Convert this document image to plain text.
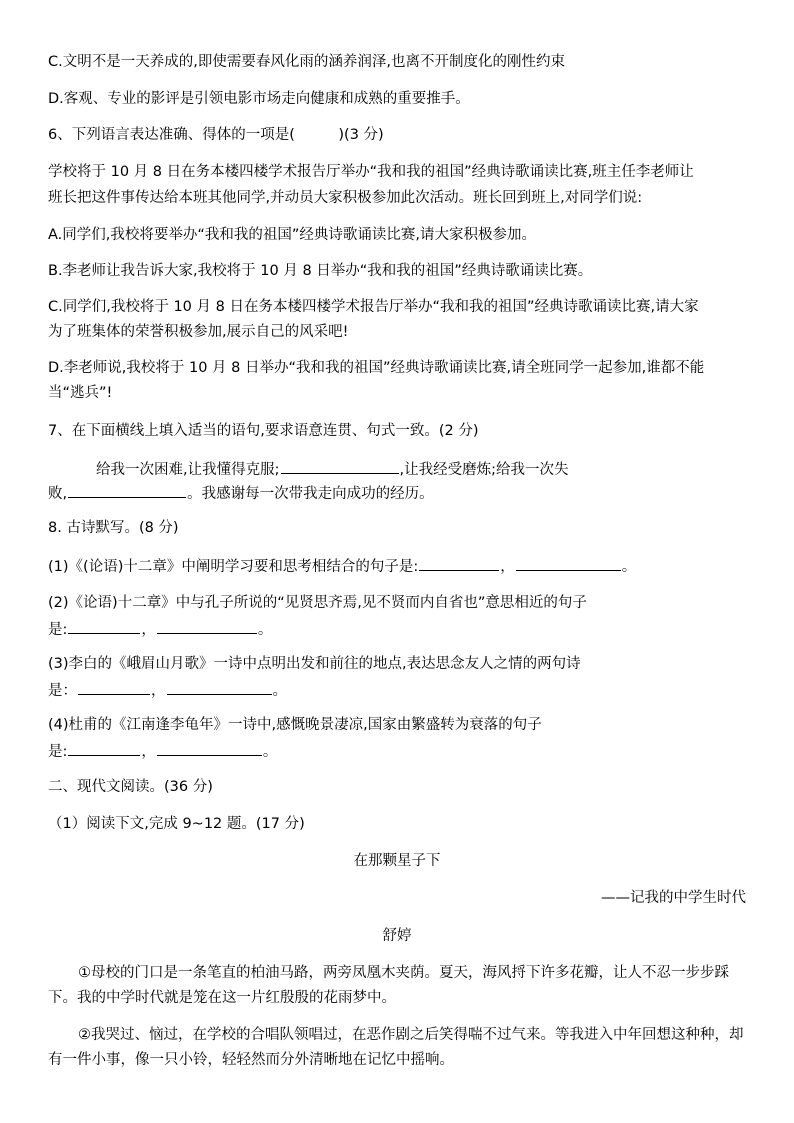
C.文明不是一天养成的,即使需要春风化雨的涵养润泽,也离不开制度化的刚性约束
D.客观、专业的影评是引领电影市场走向健康和成熟的重要推手。
6、下列语言表达准确、得体的一项是(　　　)(3 分)
学校将于 10 月 8 日在务本楼四楼学术报告厅举办“我和我的祖国”经典诗歌诵读比赛,班主任李老师让
班长把这件事传达给本班其他同学,并动员大家积极参加此次活动。班长回到班上,对同学们说:
A.同学们,我校将要举办“我和我的祖国”经典诗歌诵读比赛,请大家积极参加。
B.李老师让我告诉大家,我校将于 10 月 8 日举办“我和我的祖国”经典诗歌诵读比赛。
C.同学们,我校将于 10 月 8 日在务本楼四楼学术报告厅举办“我和我的祖国”经典诗歌诵读比赛,请大家
为了班集体的荣誉积极参加,展示自己的风采吧!
D.李老师说,我校将于 10 月 8 日举办“我和我的祖国”经典诗歌诵读比赛,请全班同学一起参加,谁都不能
当“逃兵”!
7、在下面横线上填入适当的语句,要求语意连贯、句式一致。(2 分)
给我一次困难,让我懂得克服;	,让我经受磨炼;给我一次失
败,	。我感谢每一次带我走向成功的经历。
8. 古诗默写。(8 分)
(1)《(论语)十二章》中阐明学习要和思考相结合的句子是:	，	。
(2)《论语)十二章》中与孔子所说的“见贤思齐焉,见不贤而内自省也”意思相近的句子
是:	，	。
(3)李白的《峨眉山月歌》一诗中点明出发和前往的地点,表达思念友人之情的两句诗
是：	，	。
(4)杜甫的《江南逢李龟年》一诗中,感慨晚景凄凉,国家由繁盛转为衰落的句子
是:	，	。
二、现代文阅读。(36 分)
（1）阅读下文,完成 9~12 题。(17 分)
在那颗星子下
——记我的中学生时代
舒婷
①母校的门口是一条笔直的柏油马路，两旁凤凰木夹荫。夏天，海风捋下许多花瓣，让人不忍一步步踩下。我的中学时代就是笼在这一片红殷殷的花雨梦中。
②我哭过、恼过，在学校的合唱队领唱过，在恶作剧之后笑得喘不过气来。等我进入中年回想这种种，却有一件小事，像一只小铃，轻轻然而分外清晰地在记忆中摇响。
